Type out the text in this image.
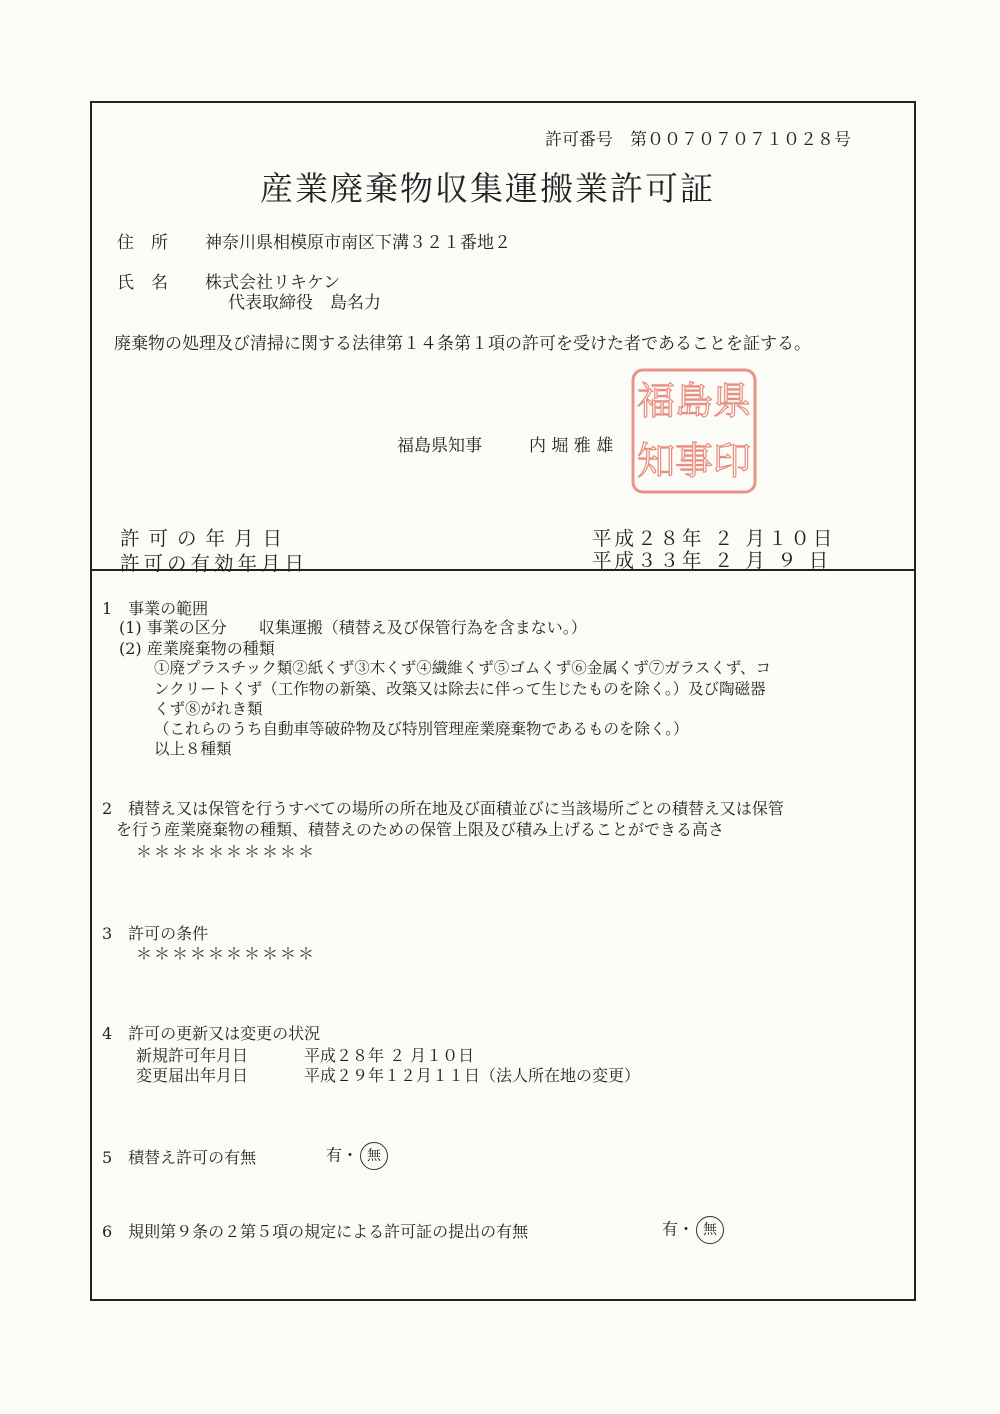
許可番号　第００７０７０７１０２８号
産業廃棄物収集運搬業許可証
住　所 神奈川県相模原市南区下溝３２１番地２
氏　名 株式会社リキケン
代表取締役　島名力
廃棄物の処理及び清掃に関する法律第１４条第１項の許可を受けた者であることを証する。
福島県知事	内 堀 雅 雄
県
島
福
印
事
知
許可の年月日	平成２８年 ２ 月１０日
許可の有効年月日	平成３３年 ２ 月 ９ 日
1　事業の範囲
(1) 事業の区分　　収集運搬（積替え及び保管行為を含まない。）
(2) 産業廃棄物の種類
①廃プラスチック類②紙くず③木くず④繊維くず⑤ゴムくず⑥金属くず⑦ガラスくず、コ
ンクリートくず（工作物の新築、改築又は除去に伴って生じたものを除く。）及び陶磁器
くず⑧がれき類
（これらのうち自動車等破砕物及び特別管理産業廃棄物であるものを除く。）
以上８種類
2　積替え又は保管を行うすべての場所の所在地及び面積並びに当該場所ごとの積替え又は保管
を行う産業廃棄物の種類、積替えのための保管上限及び積み上げることができる高さ
＊＊＊＊＊＊＊＊＊＊
3　許可の条件
＊＊＊＊＊＊＊＊＊＊
4　許可の更新又は変更の状況
新規許可年月日	平成２８年 ２ 月１０日
変更届出年月日	平成２９年１２月１１日（法人所在地の変更）
5　積替え許可の有無	有・ 無
6　規則第９条の２第５項の規定による許可証の提出の有無	有・ 無
